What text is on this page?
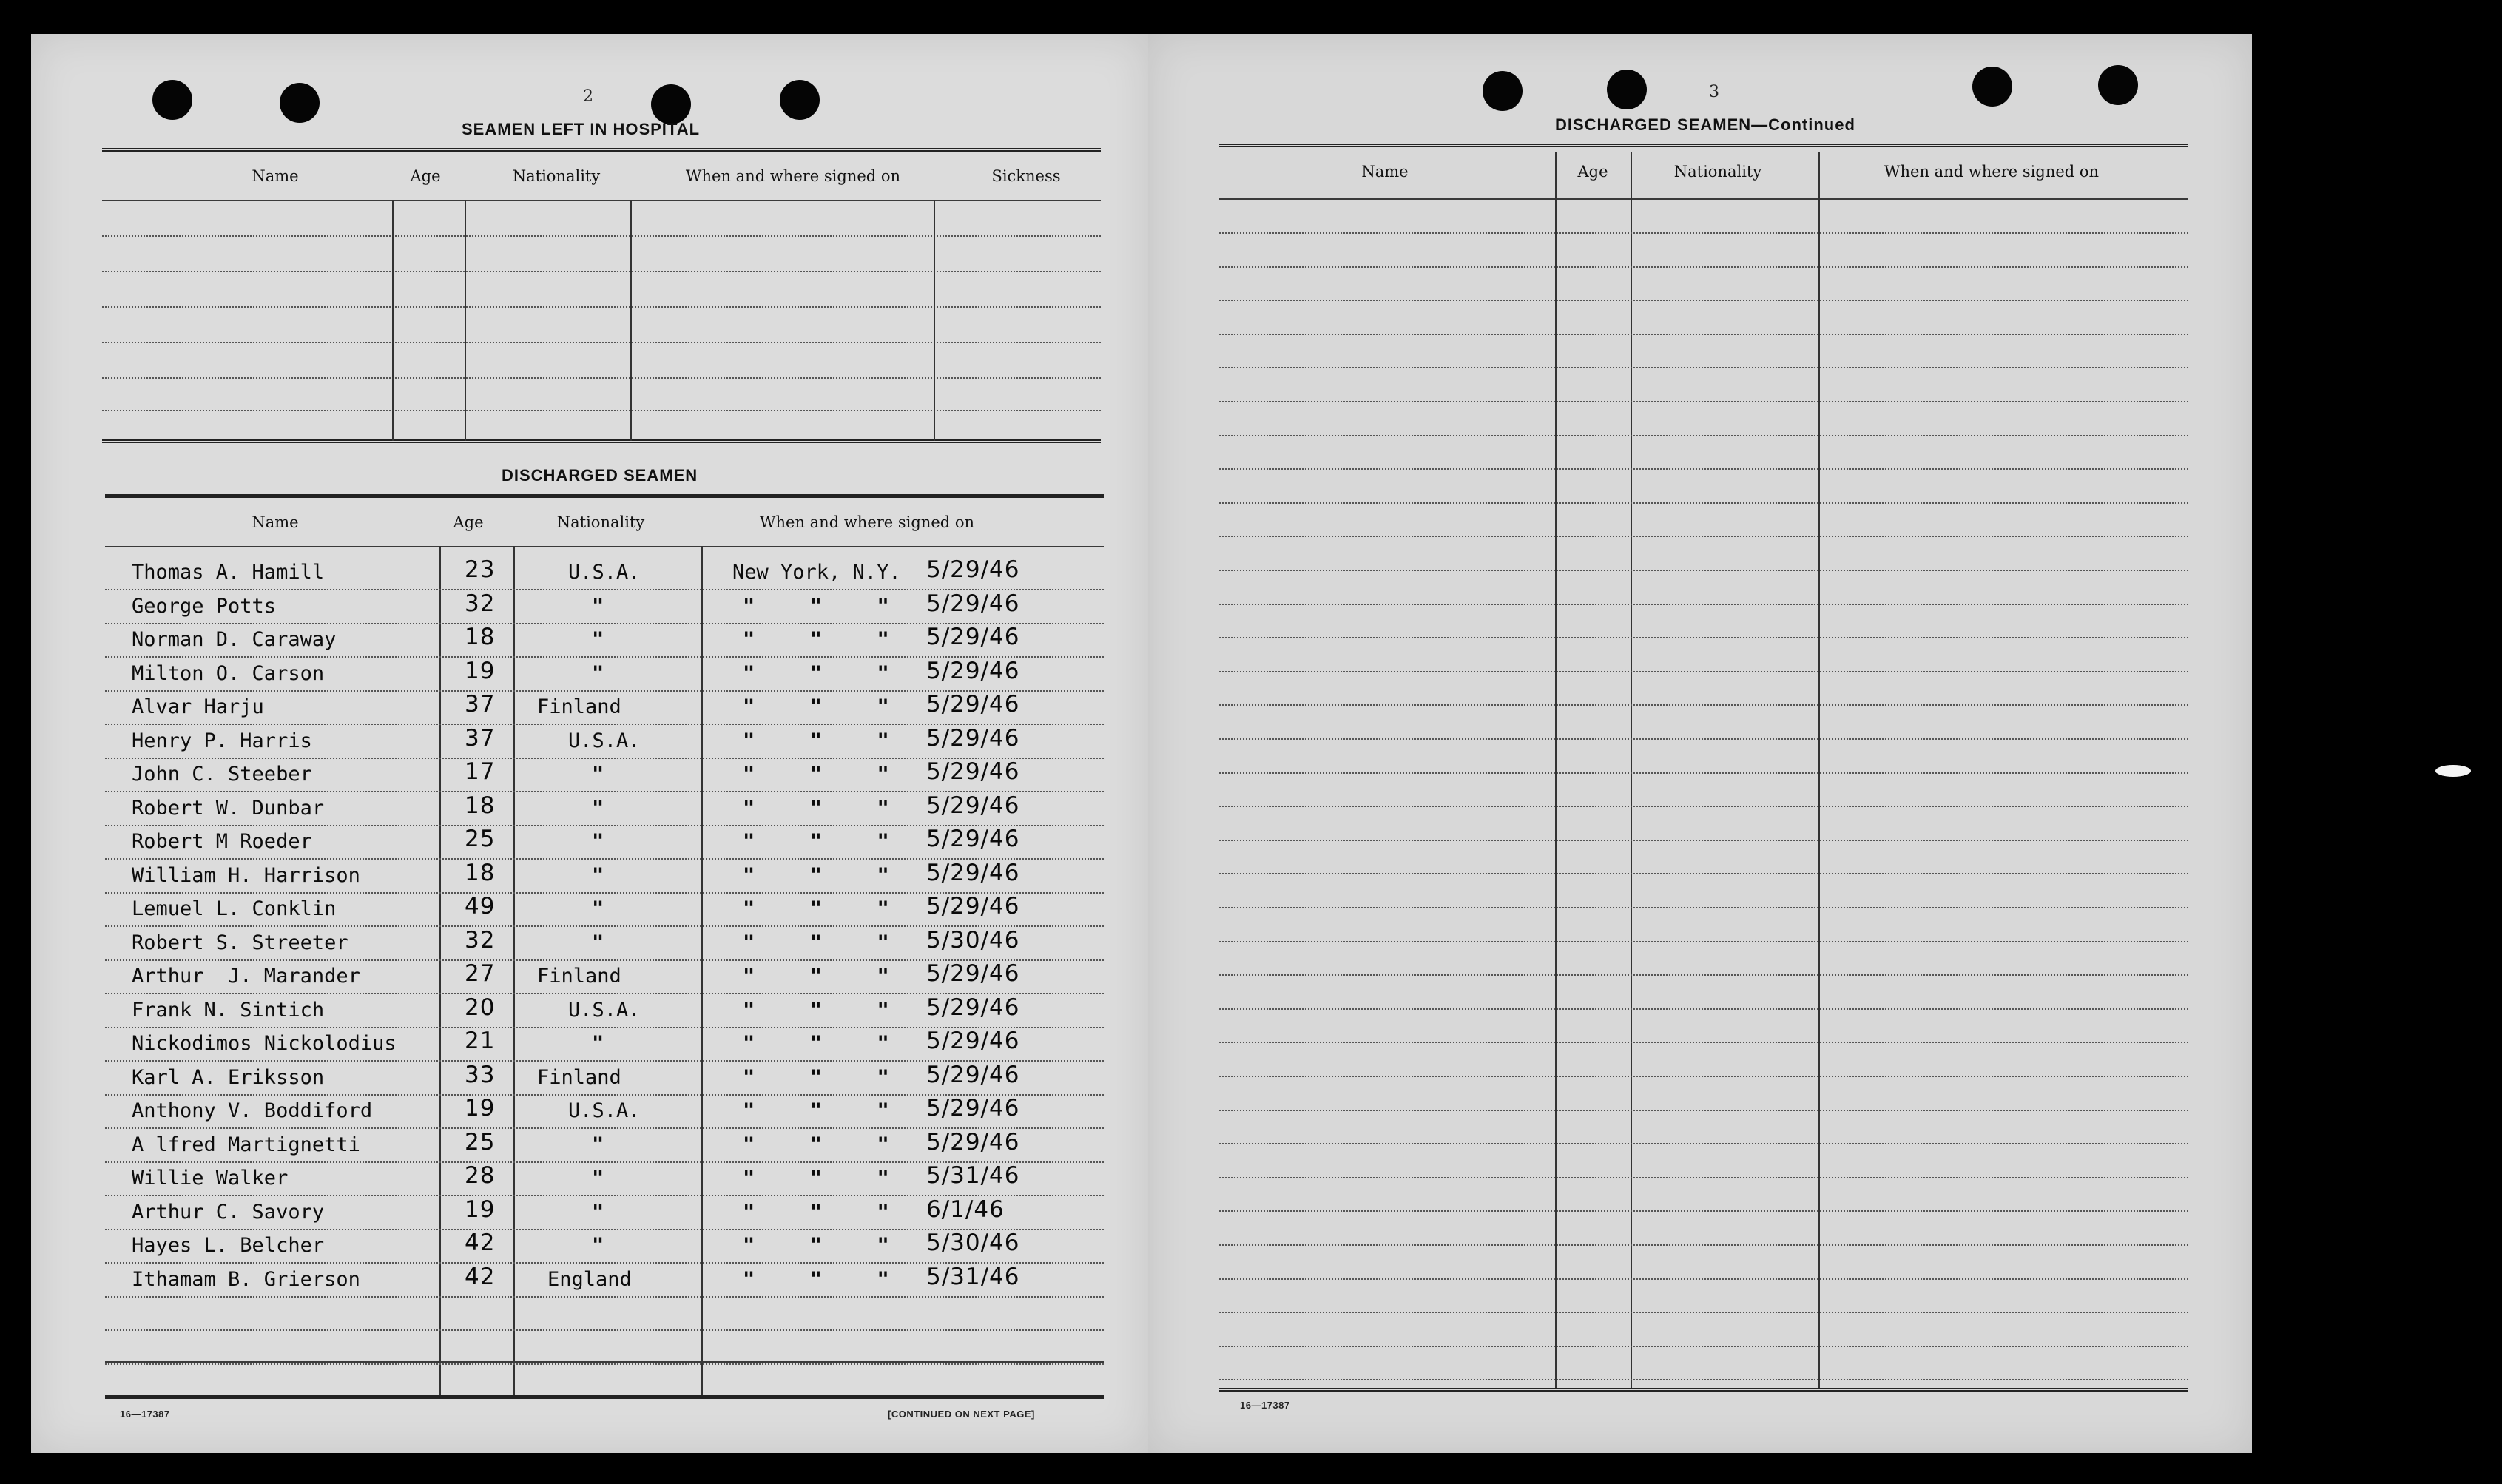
2
SEAMEN LEFT IN HOSPITAL
Name	Age	Nationality	When and where signed on	Sickness
DISCHARGED SEAMEN
Name	Age	Nationality	When and where signed on
Thomas A. Hamill	23	U.S.A.	New York, N.Y. 5/29/46
George Potts	32	"	"  "  " 5/29/46
Norman D. Caraway	18	"	"  "  " 5/29/46
Milton O. Carson	19	"	"  "  " 5/29/46
Alvar Harju	37 Finland	"  "  " 5/29/46
Henry P. Harris	37	U.S.A.	"  "  " 5/29/46
John C. Steeber	17	"	"  "  " 5/29/46
Robert W. Dunbar	18	"	"  "  " 5/29/46
Robert M Roeder	25	"	"  "  " 5/29/46
William H. Harrison	18	"	"  "  " 5/29/46
Lemuel L. Conklin	49	"	"  "  " 5/29/46
Robert S. Streeter	32	"	"  "  " 5/30/46
Arthur  J. Marander	27 Finland	"  "  " 5/29/46
Frank N. Sintich	20	U.S.A.	"  "  " 5/29/46
Nickodimos Nickolodius	21	"	"  "  " 5/29/46
Karl A. Eriksson	33 Finland	"  "  " 5/29/46
Anthony V. Boddiford	19	U.S.A.	"  "  " 5/29/46
A lfred Martignetti	25	"	"  "  " 5/29/46
Willie Walker	28	"	"  "  " 5/31/46
Arthur C. Savory	19	"	"  "  " 6/1/46
Hayes L. Belcher	42	"	"  "  " 5/30/46
Ithamam B. Grierson	42	England	"  "  " 5/31/46
16—17387	[CONTINUED ON NEXT PAGE]
3
DISCHARGED SEAMEN—Continued
Name	Age	Nationality	When and where signed on
16—17387
